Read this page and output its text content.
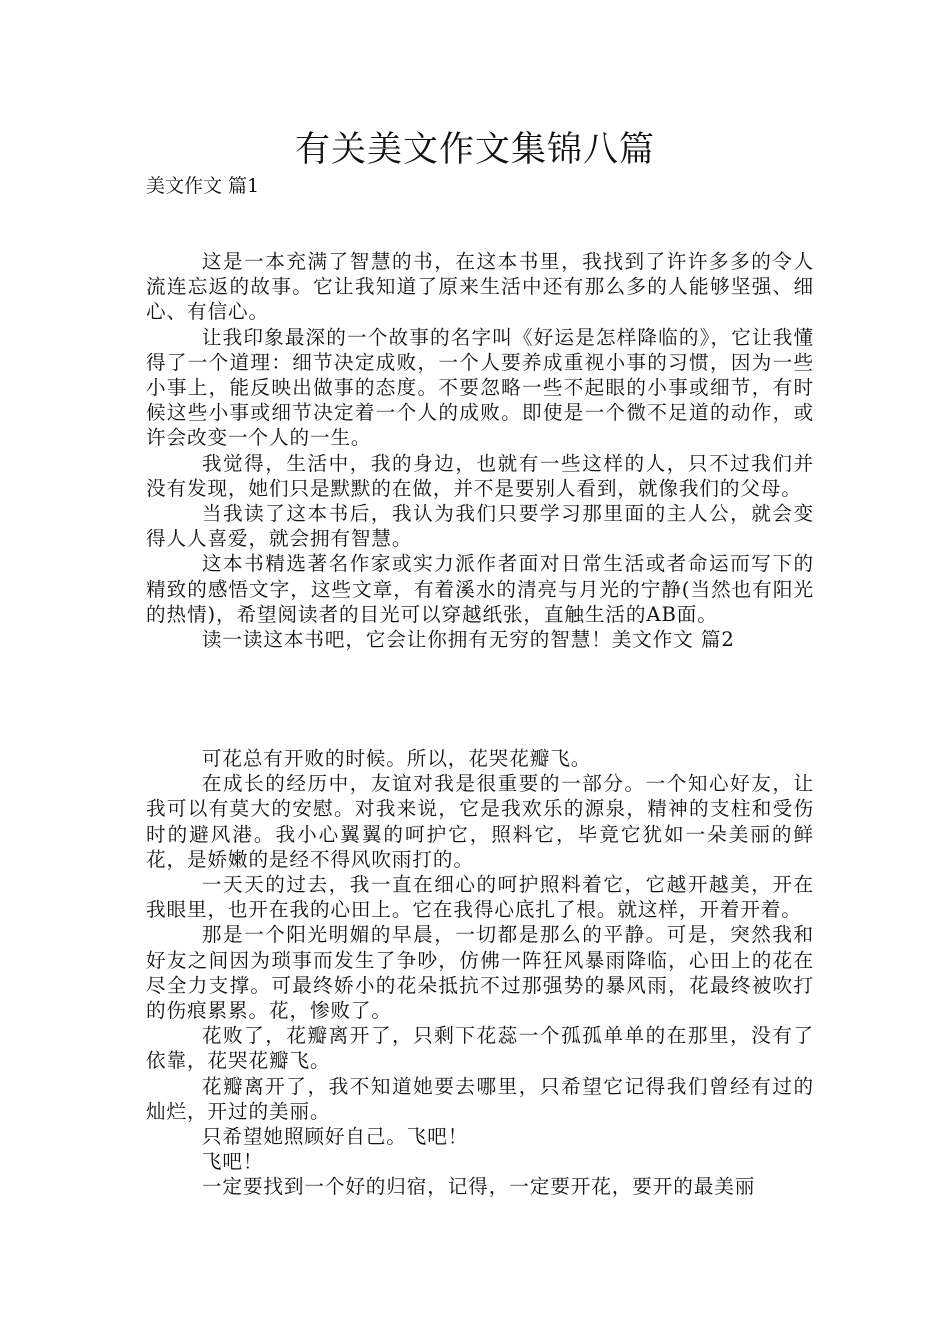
有关美文作文集锦八篇
美文作文 篇1

这是一本充满了智慧的书，在这本书里，我找到了许许多多的令人流连忘返的故事。它让我知道了原来生活中还有那么多的人能够坚强、细心、有信心。

让我印象最深的一个故事的名字叫《好运是怎样降临的》，它让我懂得了一个道理：细节决定成败，一个人要养成重视小事的习惯，因为一些小事上，能反映出做事的态度。不要忽略一些不起眼的小事或细节，有时候这些小事或细节决定着一个人的成败。即使是一个微不足道的动作，或许会改变一个人的一生。

我觉得，生活中，我的身边，也就有一些这样的人，只不过我们并没有发现，她们只是默默的在做，并不是要别人看到，就像我们的父母。

当我读了这本书后，我认为我们只要学习那里面的主人公，就会变得人人喜爱，就会拥有智慧。

这本书精选著名作家或实力派作者面对日常生活或者命运而写下的精致的感悟文字，这些文章，有着溪水的清亮与月光的宁静(当然也有阳光的热情)，希望阅读者的目光可以穿越纸张，直触生活的AB面。

读一读这本书吧，它会让你拥有无穷的智慧！美文作文 篇2

可花总有开败的时候。所以，花哭花瓣飞。

在成长的经历中，友谊对我是很重要的一部分。一个知心好友，让我可以有莫大的安慰。对我来说，它是我欢乐的源泉，精神的支柱和受伤时的避风港。我小心翼翼的呵护它，照料它，毕竟它犹如一朵美丽的鲜花，是娇嫩的是经不得风吹雨打的。

一天天的过去，我一直在细心的呵护照料着它，它越开越美，开在我眼里，也开在我的心田上。它在我得心底扎了根。就这样，开着开着。

那是一个阳光明媚的早晨，一切都是那么的平静。可是，突然我和好友之间因为琐事而发生了争吵，仿佛一阵狂风暴雨降临，心田上的花在尽全力支撑。可最终娇小的花朵抵抗不过那强势的暴风雨，花最终被吹打的伤痕累累。花，惨败了。

花败了，花瓣离开了，只剩下花蕊一个孤孤单单的在那里，没有了依靠，花哭花瓣飞。

花瓣离开了，我不知道她要去哪里，只希望它记得我们曾经有过的灿烂，开过的美丽。

只希望她照顾好自己。飞吧！

飞吧！

一定要找到一个好的归宿，记得，一定要开花，要开的最美丽
